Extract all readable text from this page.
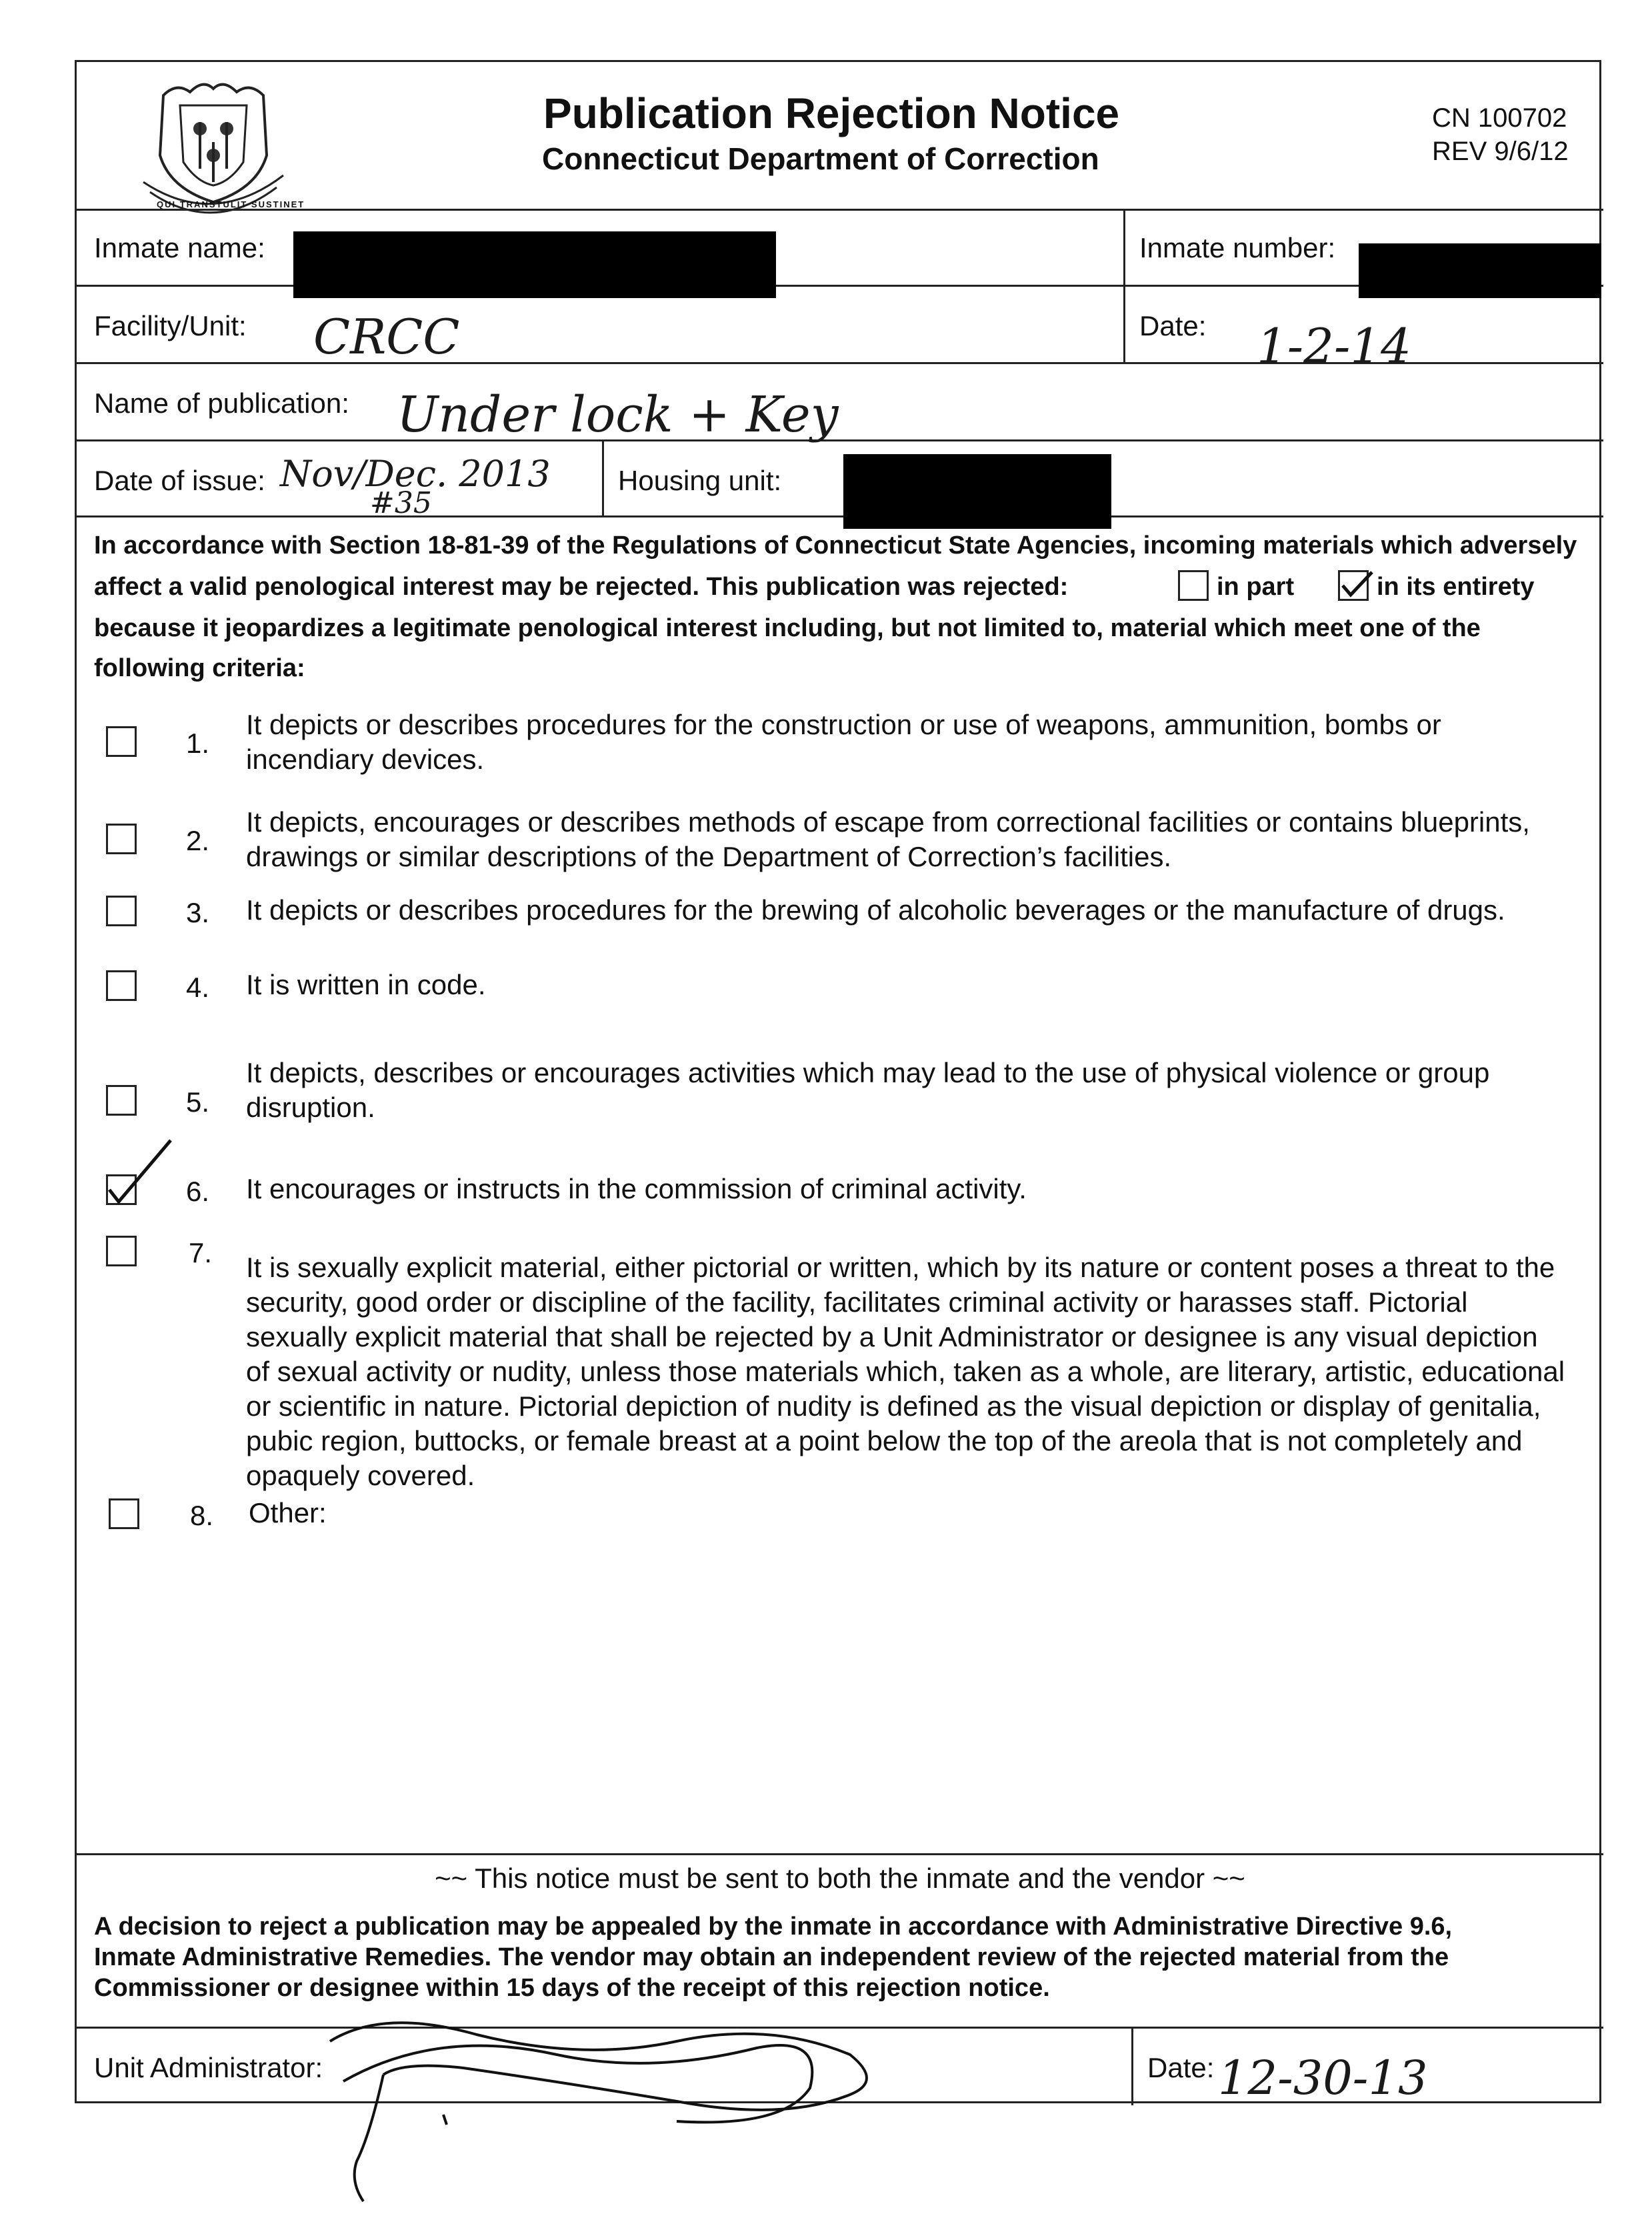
QUI TRANSTULIT SUSTINET
Publication Rejection Notice
Connecticut Department of Correction
CN 100702
REV 9/6/12
Inmate name:	Inmate number:
Facility/Unit: CRCC	Date: 1-2-14
Name of publication: Under lock + Key
Date of issue: Nov/Dec. 2013
#35
Housing unit:
In accordance with Section 18-81-39 of the Regulations of Connecticut State Agencies, incoming materials which adversely
affect a valid penological interest may be rejected. This publication was rejected:	in part	in its entirety
because it jeopardizes a legitimate penological interest including, but not limited to, material which meet one of the
following criteria:
1.
It depicts or describes procedures for the construction or use of weapons, ammunition, bombs or
incendiary devices.
2.
It depicts, encourages or describes methods of escape from correctional facilities or contains blueprints,
drawings or similar descriptions of the Department of Correction’s facilities.
3. It depicts or describes procedures for the brewing of alcoholic beverages or the manufacture of drugs.
4. It is written in code.
5.
It depicts, describes or encourages activities which may lead to the use of physical violence or group
disruption.
6. It encourages or instructs in the commission of criminal activity.
7. It is sexually explicit material, either pictorial or written, which by its nature or content poses a threat to the
security, good order or discipline of the facility, facilitates criminal activity or harasses staff. Pictorial
sexually explicit material that shall be rejected by a Unit Administrator or designee is any visual depiction
of sexual activity or nudity, unless those materials which, taken as a whole, are literary, artistic, educational
or scientific in nature. Pictorial depiction of nudity is defined as the visual depiction or display of genitalia,
pubic region, buttocks, or female breast at a point below the top of the areola that is not completely and
opaquely covered.
8. Other:
~~ This notice must be sent to both the inmate and the vendor ~~
A decision to reject a publication may be appealed by the inmate in accordance with Administrative Directive 9.6,
Inmate Administrative Remedies. The vendor may obtain an independent review of the rejected material from the
Commissioner or designee within 15 days of the receipt of this rejection notice.
Unit Administrator:	Date: 12-30-13
